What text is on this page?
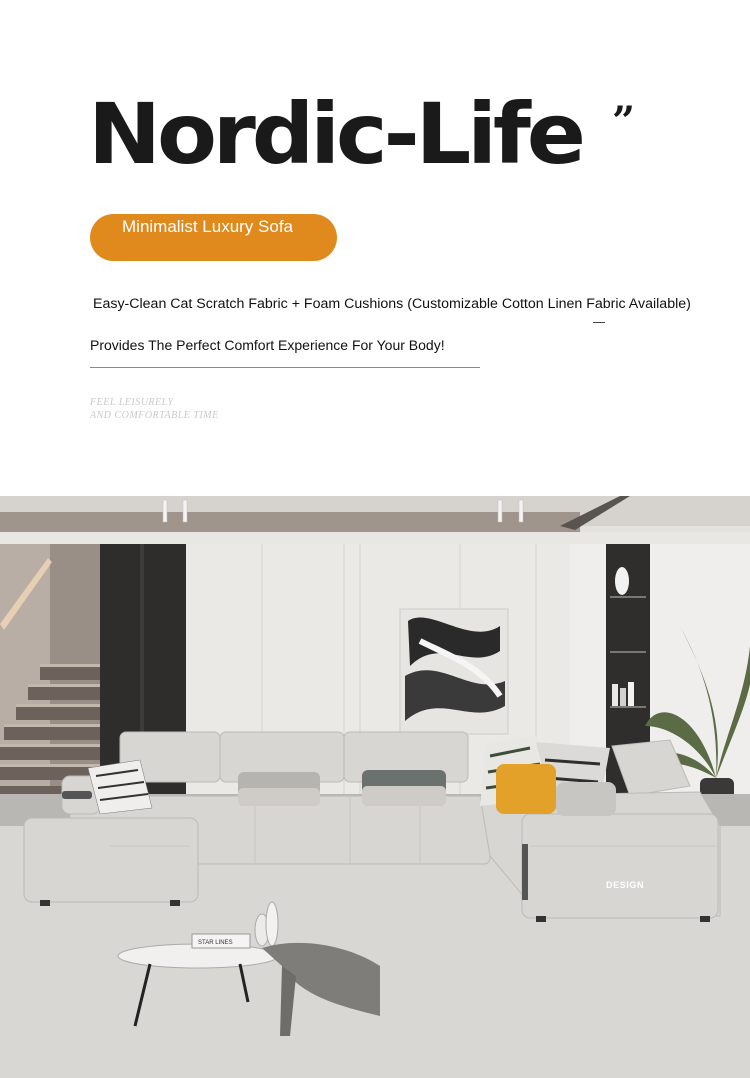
Nordic-Life ”
Minimalist Luxury Sofa
Easy-Clean Cat Scratch Fabric + Foam Cushions (Customizable Cotton Linen Fabric Available)
Provides The Perfect Comfort Experience For Your Body!
FEEL LEISURELY
AND COMFORTABLE TIME
STAR LINES
DESIGN
